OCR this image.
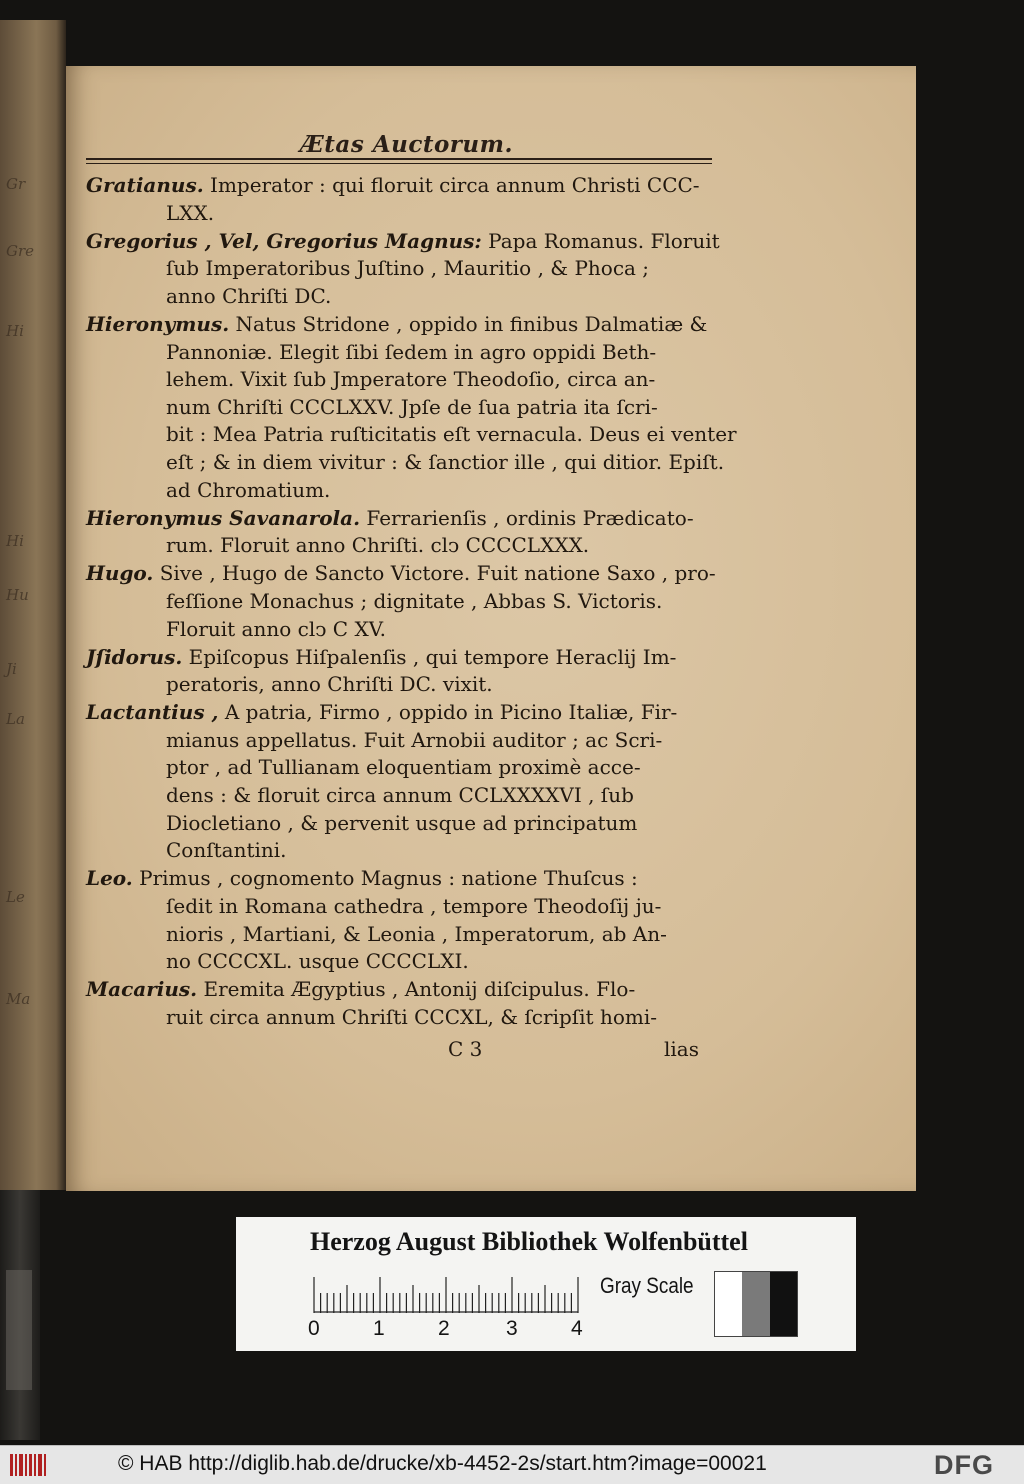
Gr
Gre
Hi
Hi
Hu
Ji
La
Le
Ma
Ætas Auctorum.
Gratianus. Imperator : qui floruit circa annum Christi CCC-
LXX.
Gregorius , Vel, Gregorius Magnus: Papa Romanus. Floruit
ſub Imperatoribus Juſtino , Mauritio , & Phoca ;
anno Chriſti DC.
Hieronymus. Natus Stridone , oppido in finibus Dalmatiæ &
Pannoniæ. Elegit ſibi ſedem in agro oppidi Beth-
lehem. Vixit ſub Jmperatore Theodoſio, circa an-
num Chriſti CCCLXXV. Jpſe de ſua patria ita ſcri-
bit : Mea Patria ruſticitatis eſt vernacula. Deus ei venter
eſt ; & in diem vivitur : & ſanctior ille , qui ditior. Epiſt.
ad Chromatium.
Hieronymus Savanarola. Ferrarienſis , ordinis Prædicato-
rum. Floruit anno Chriſti. clↄ CCCCLXXX.
Hugo. Sive , Hugo de Sancto Victore. Fuit natione Saxo , pro-
feſſione Monachus ; dignitate , Abbas S. Victoris.
Floruit anno clↄ C XV.
Jſidorus. Epiſcopus Hiſpalenſis , qui tempore Heraclij Im-
peratoris, anno Chriſti DC. vixit.
Lactantius , A patria, Firmo , oppido in Picino Italiæ, Fir-
mianus appellatus. Fuit Arnobii auditor ; ac Scri-
ptor , ad Tullianam eloquentiam proximè acce-
dens : & floruit circa annum CCLXXXXVI , ſub
Diocletiano , & pervenit usque ad principatum
Conſtantini.
Leo. Primus , cognomento Magnus : natione Thuſcus :
ſedit in Romana cathedra , tempore Theodoſij ju-
nioris , Martiani, & Leonia , Imperatorum, ab An-
no CCCCXL. usque CCCCLXI.
Macarius. Eremita Ægyptius , Antonij diſcipulus. Flo-
ruit circa annum Chriſti CCCXL, & ſcripſit homi-
C 3	lias
Herzog August Bibliothek Wolfenbüttel
0	1	2	3	4
Gray Scale
© HAB http://diglib.hab.de/drucke/xb-4452-2s/start.htm?image=00021	DFG
